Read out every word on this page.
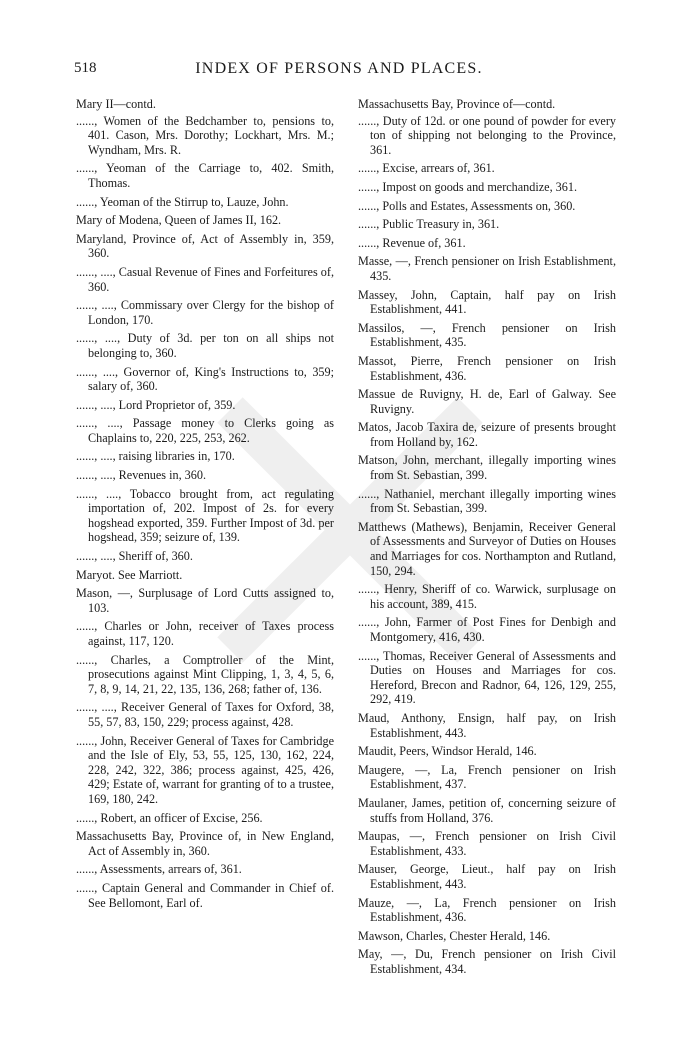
518	INDEX OF PERSONS AND PLACES.

Mary II—contd.

......, Women of the Bedchamber to, pensions to, 401. Cason, Mrs. Dorothy; Lockhart, Mrs. M.; Wyndham, Mrs. R.

......, Yeoman of the Carriage to, 402. Smith, Thomas.

......, Yeoman of the Stirrup to, Lauze, John.

Mary of Modena, Queen of James II, 162.

Maryland, Province of, Act of Assembly in, 359, 360.

......, ...., Casual Revenue of Fines and Forfeitures of, 360.

......, ...., Commissary over Clergy for the bishop of London, 170.

......, ...., Duty of 3d. per ton on all ships not belonging to, 360.

......, ...., Governor of, King's Instructions to, 359; salary of, 360.

......, ...., Lord Proprietor of, 359.

......, ...., Passage money to Clerks going as Chaplains to, 220, 225, 253, 262.

......, ...., raising libraries in, 170.

......, ...., Revenues in, 360.

......, ...., Tobacco brought from, act regulating importation of, 202. Impost of 2s. for every hogshead exported, 359. Further Impost of 3d. per hogshead, 359; seizure of, 139.

......, ...., Sheriff of, 360.

Maryot. See Marriott.

Mason, —, Surplusage of Lord Cutts assigned to, 103.

......, Charles or John, receiver of Taxes process against, 117, 120.

......, Charles, a Comptroller of the Mint, prosecutions against Mint Clipping, 1, 3, 4, 5, 6, 7, 8, 9, 14, 21, 22, 135, 136, 268; father of, 136.

......, ...., Receiver General of Taxes for Oxford, 38, 55, 57, 83, 150, 229; process against, 428.

......, John, Receiver General of Taxes for Cambridge and the Isle of Ely, 53, 55, 125, 130, 162, 224, 228, 242, 322, 386; process against, 425, 426, 429; Estate of, warrant for granting of to a trustee, 169, 180, 242.

......, Robert, an officer of Excise, 256.

Massachusetts Bay, Province of, in New England, Act of Assembly in, 360.

......, Assessments, arrears of, 361.

......, Captain General and Commander in Chief of. See Bellomont, Earl of.

Massachusetts Bay, Province of—contd.

......, Duty of 12d. or one pound of powder for every ton of shipping not belonging to the Province, 361.

......, Excise, arrears of, 361.

......, Impost on goods and merchandize, 361.

......, Polls and Estates, Assessments on, 360.

......, Public Treasury in, 361.

......, Revenue of, 361.

Masse, —, French pensioner on Irish Establishment, 435.

Massey, John, Captain, half pay on Irish Establishment, 441.

Massilos, —, French pensioner on Irish Establishment, 435.

Massot, Pierre, French pensioner on Irish Establishment, 436.

Massue de Ruvigny, H. de, Earl of Galway. See Ruvigny.

Matos, Jacob Taxira de, seizure of presents brought from Holland by, 162.

Matson, John, merchant, illegally importing wines from St. Sebastian, 399.

......, Nathaniel, merchant illegally importing wines from St. Sebastian, 399.

Matthews (Mathews), Benjamin, Receiver General of Assessments and Surveyor of Duties on Houses and Marriages for cos. Northampton and Rutland, 150, 294.

......, Henry, Sheriff of co. Warwick, surplusage on his account, 389, 415.

......, John, Farmer of Post Fines for Denbigh and Montgomery, 416, 430.

......, Thomas, Receiver General of Assessments and Duties on Houses and Marriages for cos. Hereford, Brecon and Radnor, 64, 126, 129, 255, 292, 419.

Maud, Anthony, Ensign, half pay, on Irish Establishment, 443.

Maudit, Peers, Windsor Herald, 146.

Maugere, —, La, French pensioner on Irish Establishment, 437.

Maulaner, James, petition of, concerning seizure of stuffs from Holland, 376.

Maupas, —, French pensioner on Irish Civil Establishment, 433.

Mauser, George, Lieut., half pay on Irish Establishment, 443.

Mauze, —, La, French pensioner on Irish Establishment, 436.

Mawson, Charles, Chester Herald, 146.

May, —, Du, French pensioner on Irish Civil Establishment, 434.
